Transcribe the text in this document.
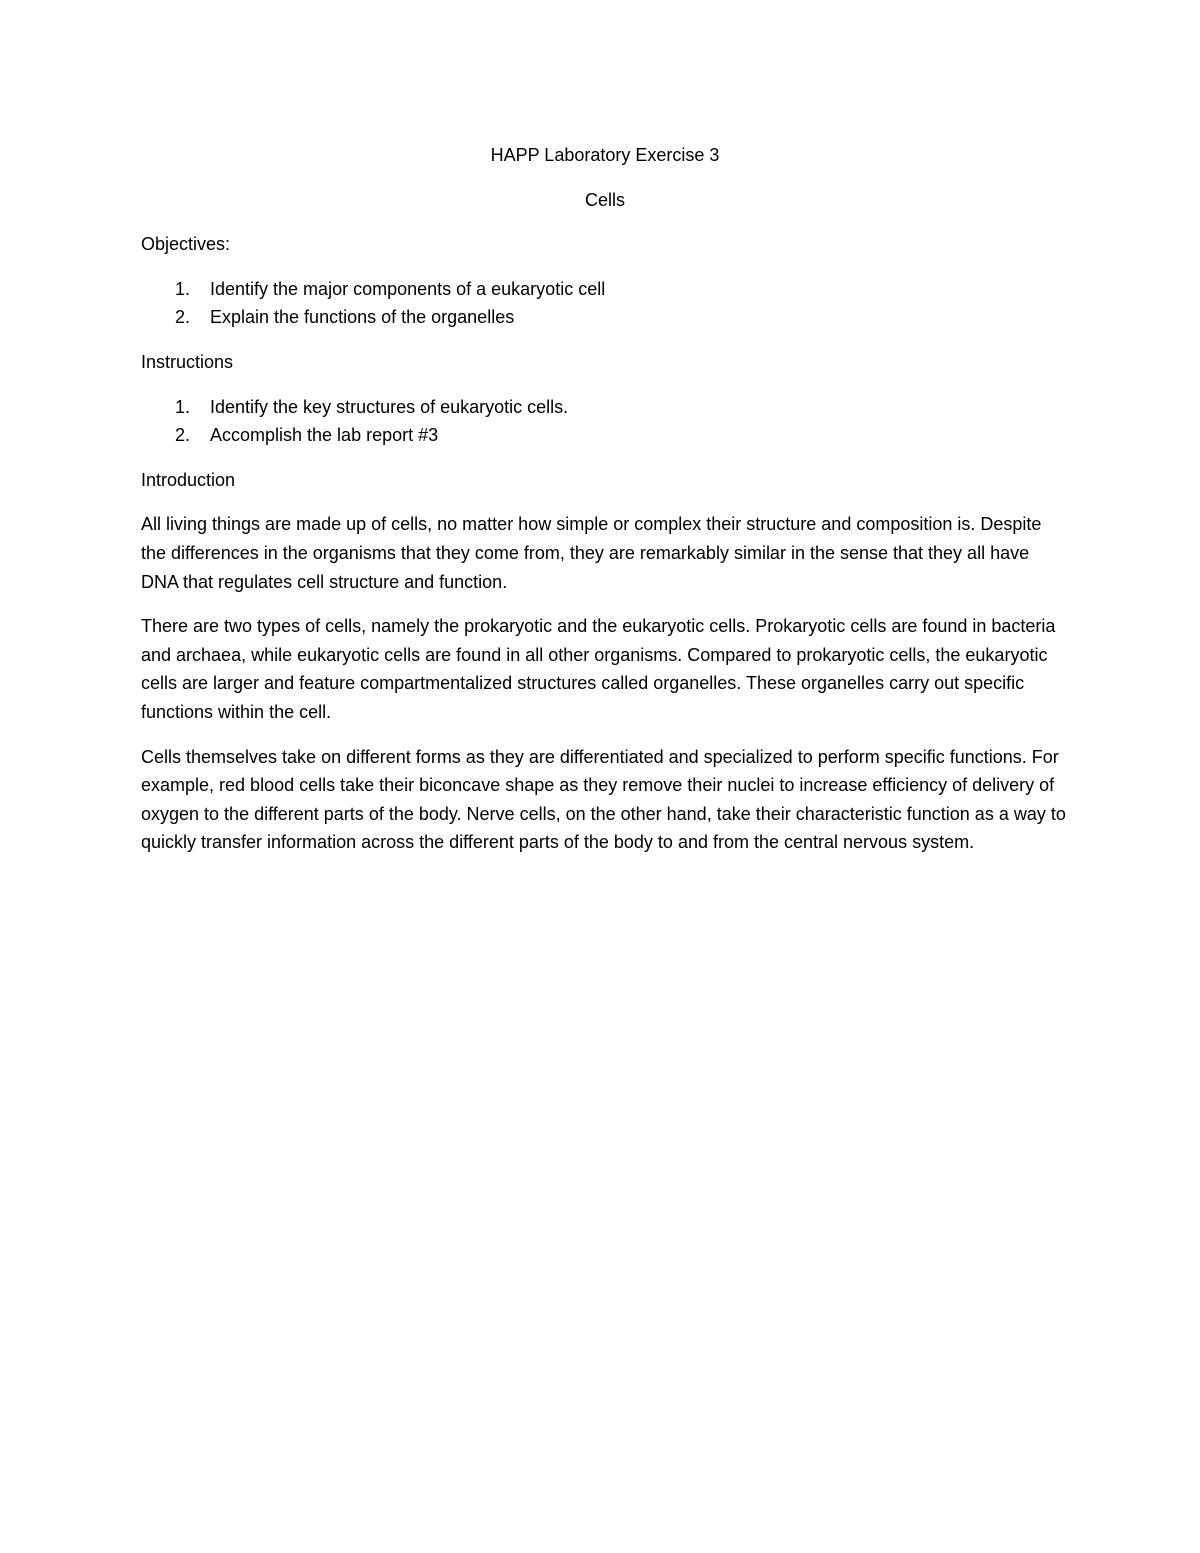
HAPP Laboratory Exercise 3

Cells

Objectives:

1.	Identify the major components of a eukaryotic cell
2.	Explain the functions of the organelles

Instructions

1.	Identify the key structures of eukaryotic cells.
2.	Accomplish the lab report #3

Introduction

All living things are made up of cells, no matter how simple or complex their structure and composition is. Despite the differences in the organisms that they come from, they are remarkably similar in the sense that they all have DNA that regulates cell structure and function.

There are two types of cells, namely the prokaryotic and the eukaryotic cells. Prokaryotic cells are found in bacteria and archaea, while eukaryotic cells are found in all other organisms. Compared to prokaryotic cells, the eukaryotic cells are larger and feature compartmentalized structures called organelles. These organelles carry out specific functions within the cell.

Cells themselves take on different forms as they are differentiated and specialized to perform specific functions. For example, red blood cells take their biconcave shape as they remove their nuclei to increase efficiency of delivery of oxygen to the different parts of the body. Nerve cells, on the other hand, take their characteristic function as a way to quickly transfer information across the different parts of the body to and from the central nervous system.
